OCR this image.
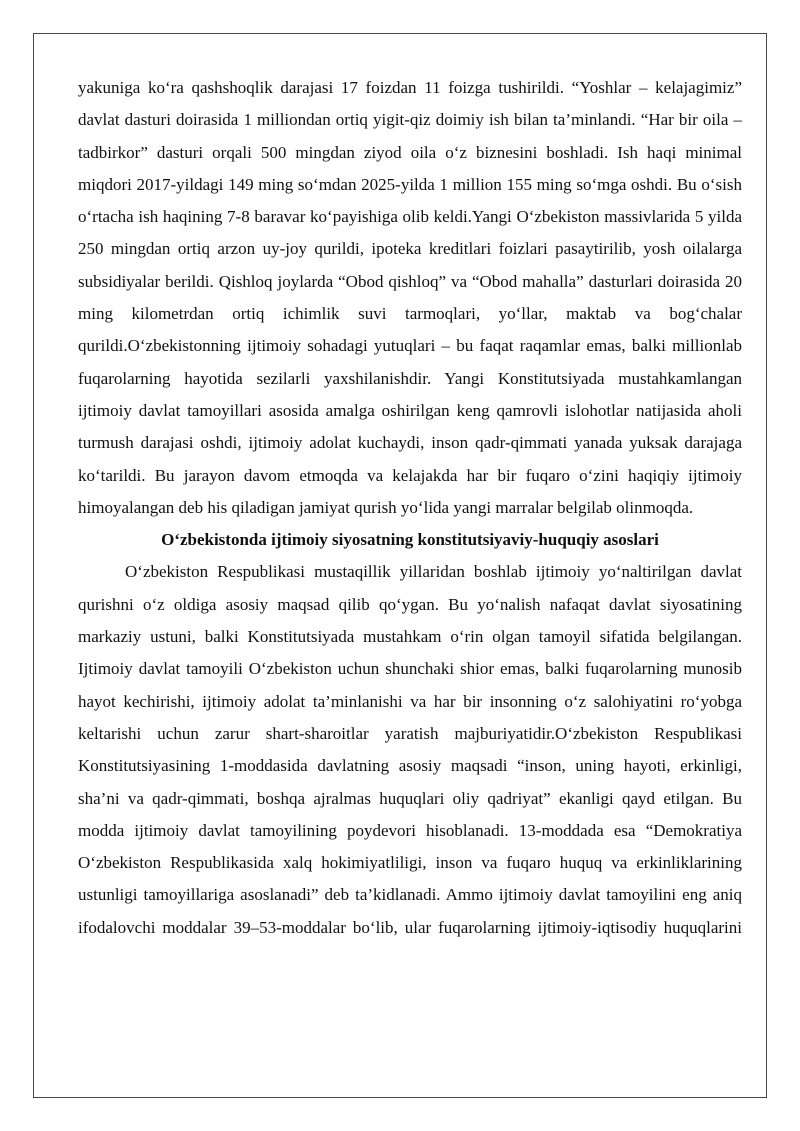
yakuniga ko‘ra qashshoqlik darajasi 17 foizdan 11 foizga tushirildi. “Yoshlar – kelajagimiz” davlat dasturi doirasida 1 milliondan ortiq yigit-qiz doimiy ish bilan ta’minlandi. “Har bir oila – tadbirkor” dasturi orqali 500 mingdan ziyod oila o‘z biznesini boshladi. Ish haqi minimal miqdori 2017-yildagi 149 ming so‘mdan 2025-yilda 1 million 155 ming so‘mga oshdi. Bu o‘sish o‘rtacha ish haqining 7-8 baravar ko‘payishiga olib keldi.Yangi O‘zbekiston massivlarida 5 yilda 250 mingdan ortiq arzon uy-joy qurildi, ipoteka kreditlari foizlari pasaytirilib, yosh oilalarga subsidiyalar berildi. Qishloq joylarda “Obod qishloq” va “Obod mahalla” dasturlari doirasida 20 ming kilometrdan ortiq ichimlik suvi tarmoqlari, yo‘llar, maktab va bog‘chalar qurildi.O‘zbekistonning ijtimoiy sohadagi yutuqlari – bu faqat raqamlar emas, balki millionlab fuqarolarning hayotida sezilarli yaxshilanishdir. Yangi Konstitutsiyada mustahkamlangan ijtimoiy davlat tamoyillari asosida amalga oshirilgan keng qamrovli islohotlar natijasida aholi turmush darajasi oshdi, ijtimoiy adolat kuchaydi, inson qadr-qimmati yanada yuksak darajaga ko‘tarildi. Bu jarayon davom etmoqda va kelajakda har bir fuqaro o‘zini haqiqiy ijtimoiy himoyalangan deb his qiladigan jamiyat qurish yo‘lida yangi marralar belgilab olinmoqda.

O‘zbekistonda ijtimoiy siyosatning konstitutsiyaviy-huquqiy asoslari

O‘zbekiston Respublikasi mustaqillik yillaridan boshlab ijtimoiy yo‘naltirilgan davlat qurishni o‘z oldiga asosiy maqsad qilib qo‘ygan. Bu yo‘nalish nafaqat davlat siyosatining markaziy ustuni, balki Konstitutsiyada mustahkam o‘rin olgan tamoyil sifatida belgilangan. Ijtimoiy davlat tamoyili O‘zbekiston uchun shunchaki shior emas, balki fuqarolarning munosib hayot kechirishi, ijtimoiy adolat ta’minlanishi va har bir insonning o‘z salohiyatini ro‘yobga keltarishi uchun zarur shart-sharoitlar yaratish majburiyatidir.O‘zbekiston Respublikasi Konstitutsiyasining 1-moddasida davlatning asosiy maqsadi “inson, uning hayoti, erkinligi, sha’ni va qadr-qimmati, boshqa ajralmas huquqlari oliy qadriyat” ekanligi qayd etilgan. Bu modda ijtimoiy davlat tamoyilining poydevori hisoblanadi. 13-moddada esa “Demokratiya O‘zbekiston Respublikasida xalq hokimiyatliligi, inson va fuqaro huquq va erkinliklarining ustunligi tamoyillariga asoslanadi” deb ta’kidlanadi. Ammo ijtimoiy davlat tamoyilini eng aniq ifodalovchi moddalar 39–53-moddalar bo‘lib, ular fuqarolarning ijtimoiy-iqtisodiy huquqlarini
